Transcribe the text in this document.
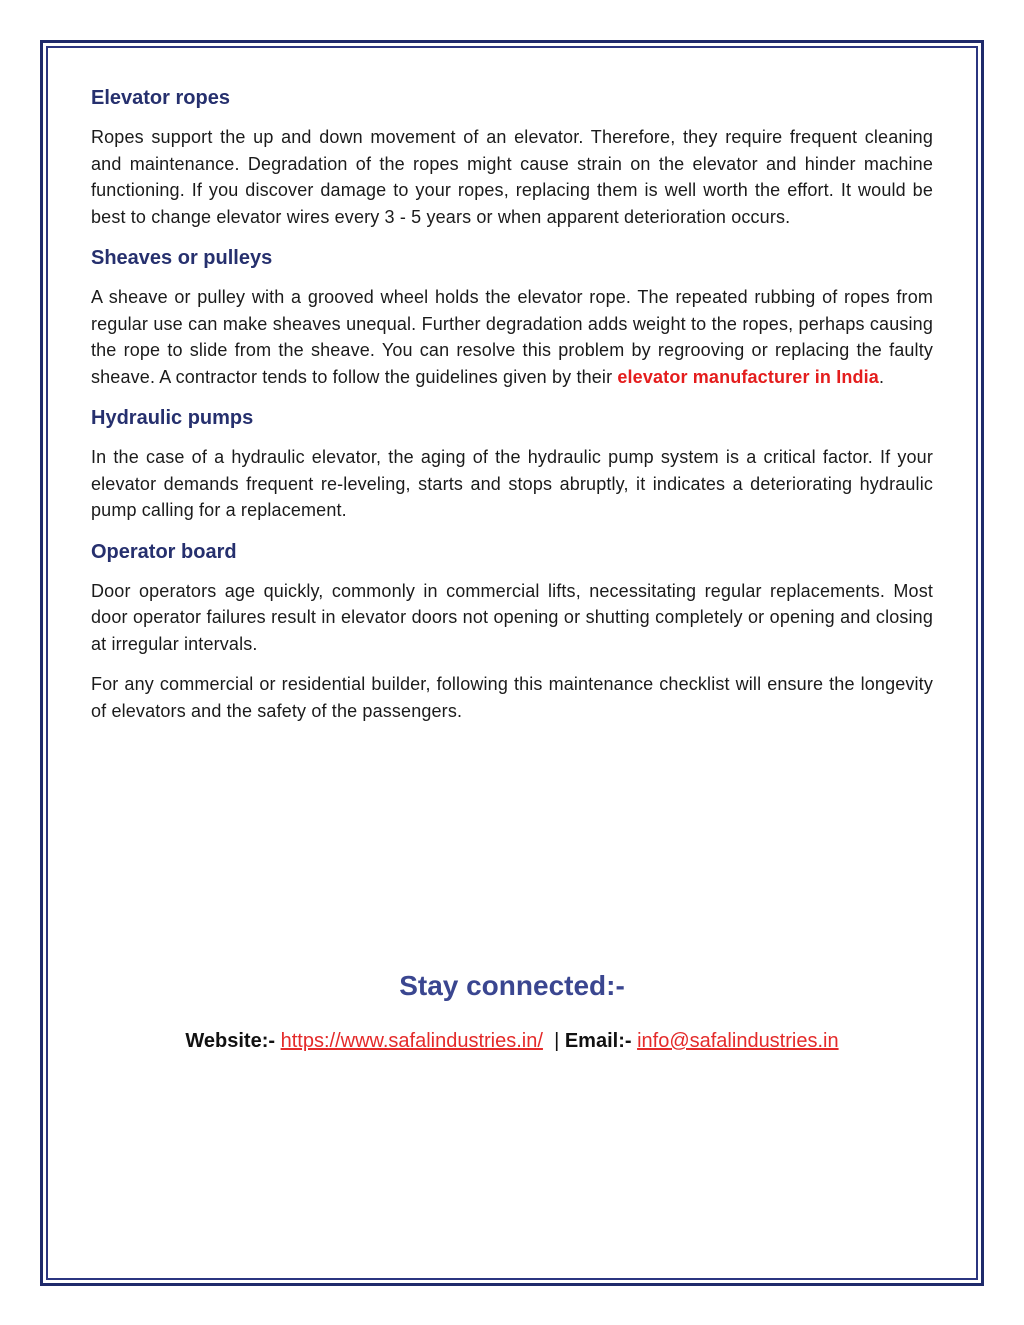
Elevator ropes

Ropes support the up and down movement of an elevator. Therefore, they require frequent cleaning and maintenance. Degradation of the ropes might cause strain on the elevator and hinder machine functioning. If you discover damage to your ropes, replacing them is well worth the effort. It would be best to change elevator wires every 3 - 5 years or when apparent deterioration occurs.

Sheaves or pulleys

A sheave or pulley with a grooved wheel holds the elevator rope. The repeated rubbing of ropes from regular use can make sheaves unequal. Further degradation adds weight to the ropes, perhaps causing the rope to slide from the sheave. You can resolve this problem by regrooving or replacing the faulty sheave. A contractor tends to follow the guidelines given by their elevator manufacturer in India.

Hydraulic pumps

In the case of a hydraulic elevator, the aging of the hydraulic pump system is a critical factor. If your elevator demands frequent re-leveling, starts and stops abruptly, it indicates a deteriorating hydraulic pump calling for a replacement.

Operator board

Door operators age quickly, commonly in commercial lifts, necessitating regular replacements. Most door operator failures result in elevator doors not opening or shutting completely or opening and closing at irregular intervals.

For any commercial or residential builder, following this maintenance checklist will ensure the longevity of elevators and the safety of the passengers.

Stay connected:-
Website:- https://www.safalindustries.in/ | Email:- info@safalindustries.in
